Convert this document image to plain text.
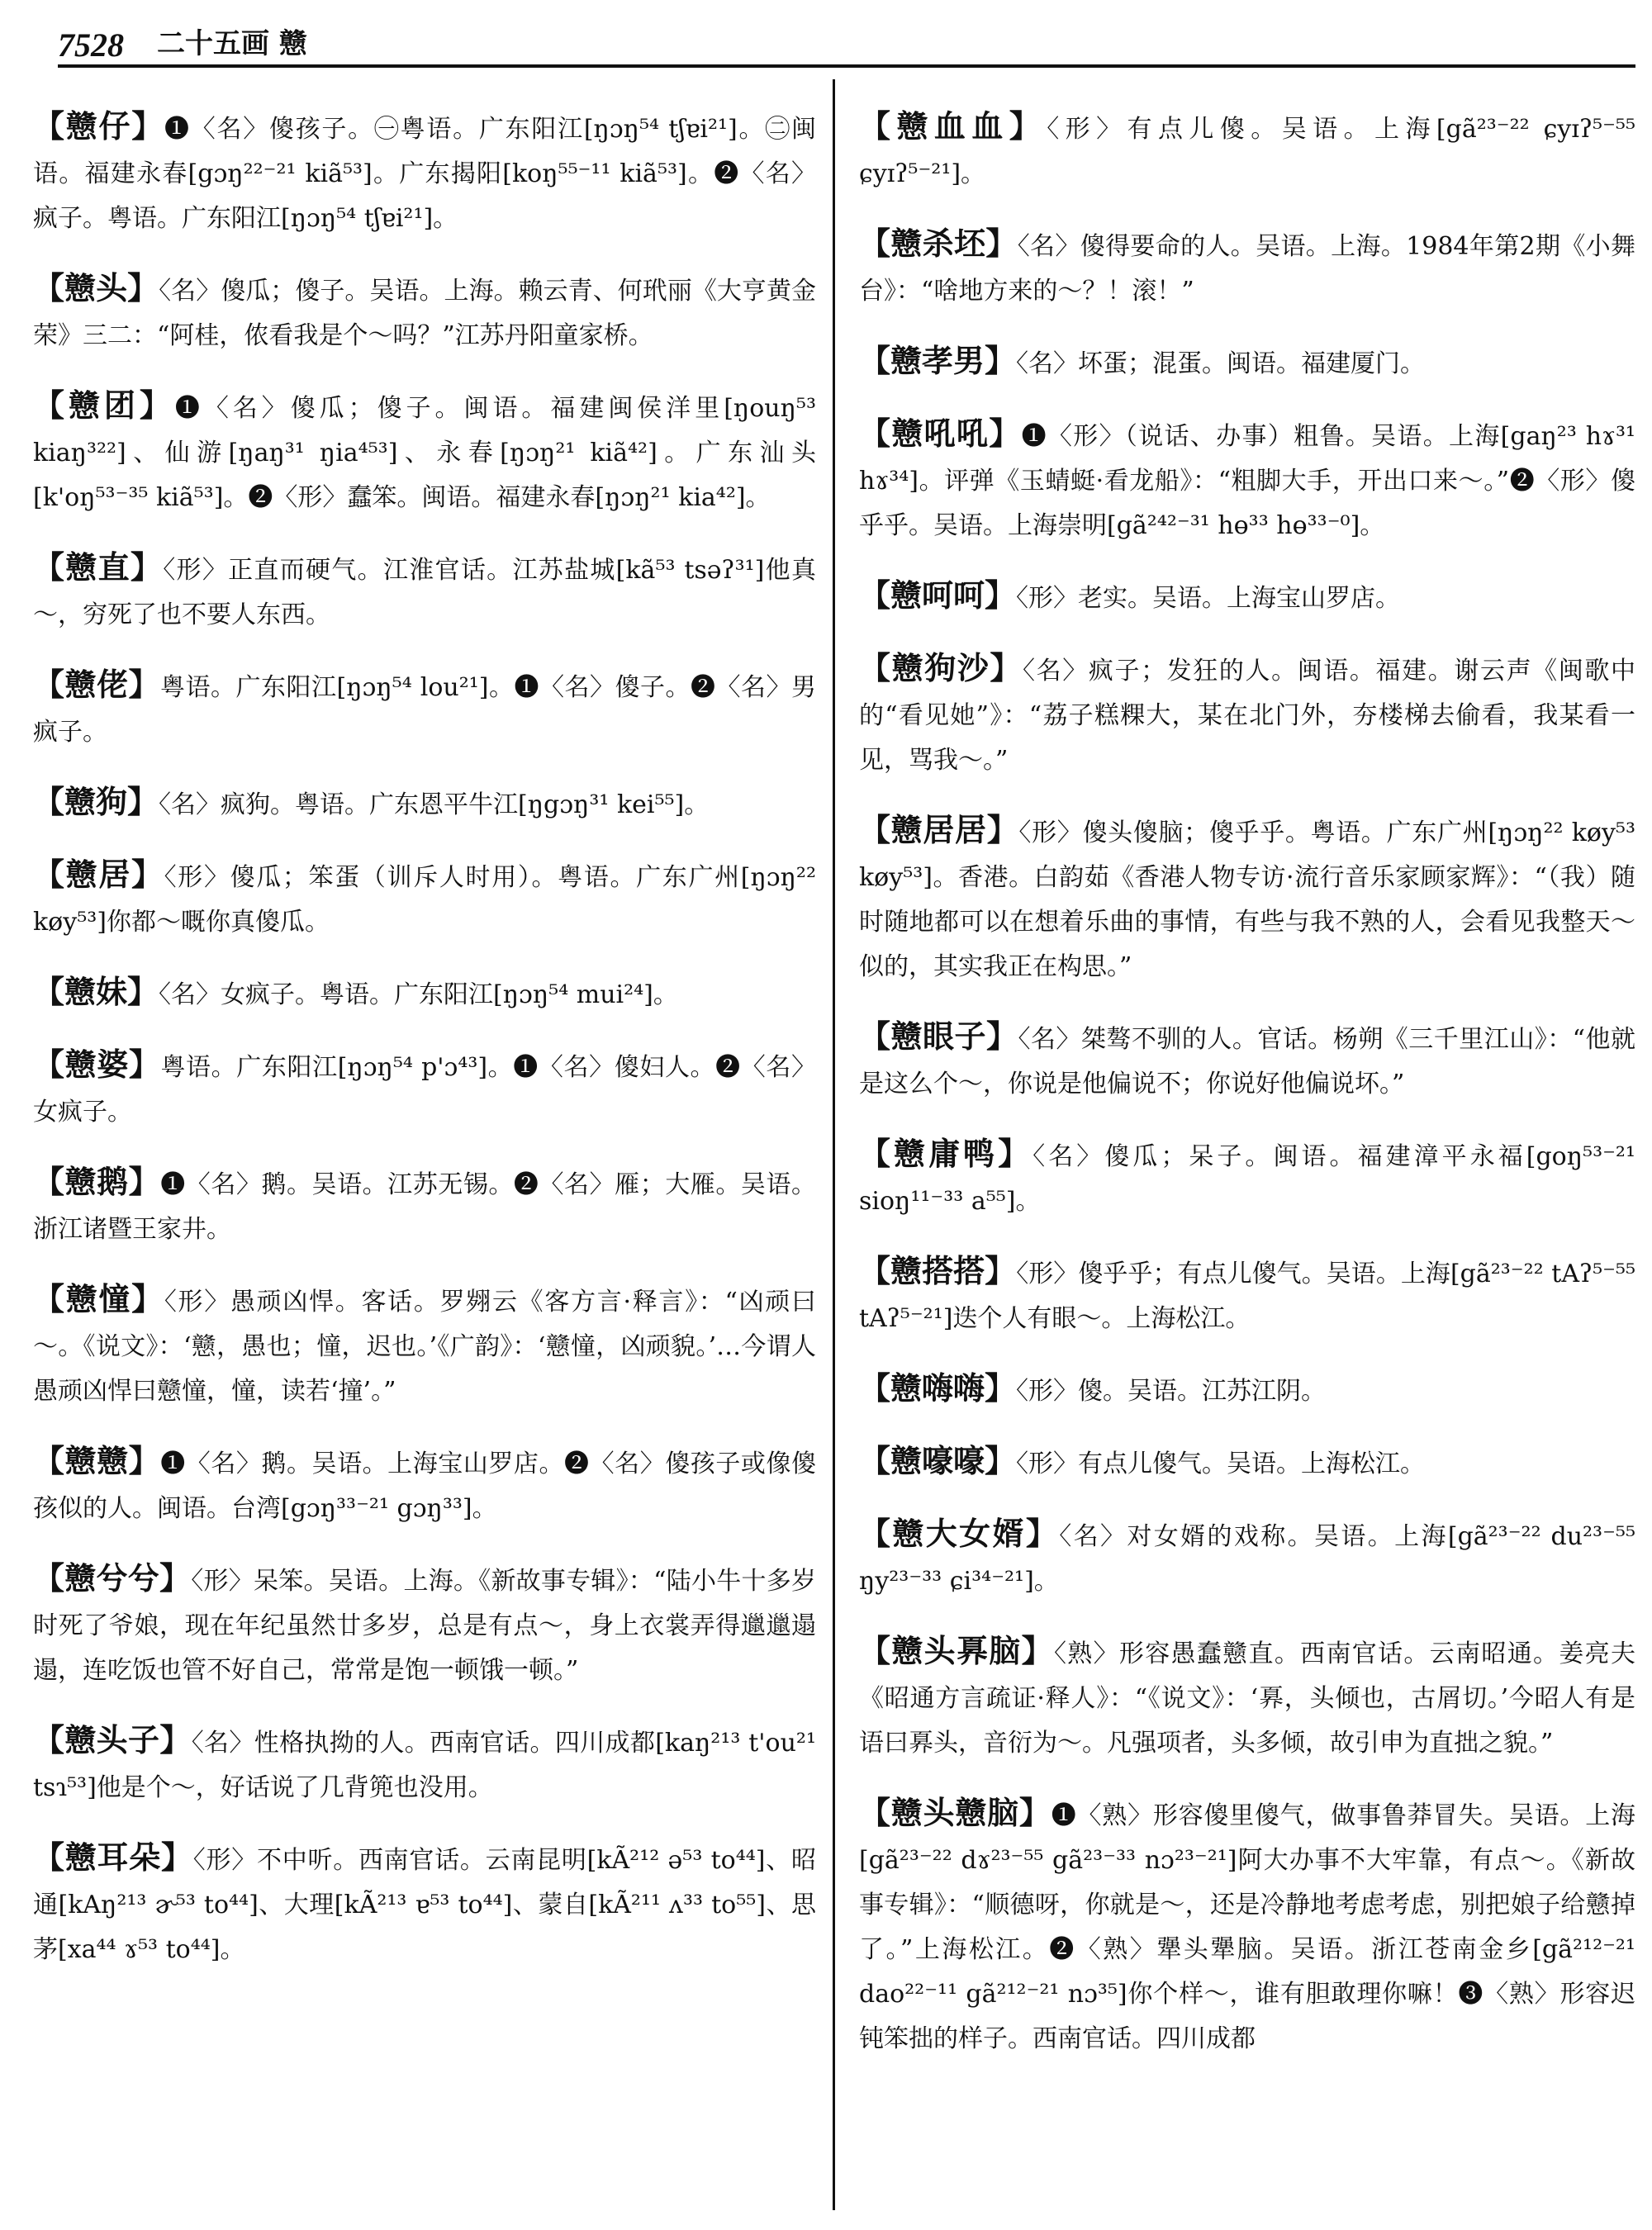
7528 二十五画 戆

【戆仔】❶〈名〉傻孩子。㊀粤语。广东阳江[ŋɔŋ⁵⁴ tʃɐi²¹]。㊁闽语。福建永春[gɔŋ²²⁻²¹ kiã⁵³]。广东揭阳[koŋ⁵⁵⁻¹¹ kiã⁵³]。❷〈名〉疯子。粤语。广东阳江[ŋɔŋ⁵⁴ tʃɐi²¹]。

【戆头】〈名〉傻瓜；傻子。吴语。上海。赖云青、何玳丽《大亨黄金荣》三二：“阿桂，侬看我是个～吗？”江苏丹阳童家桥。

【戆团】❶〈名〉傻瓜；傻子。闽语。福建闽侯洋里[ŋouŋ⁵³ kiaŋ³²²]、仙游[ŋaŋ³¹ ŋia⁴⁵³]、永春[ŋɔŋ²¹ kiã⁴²]。广东汕头[k'oŋ⁵³⁻³⁵ kiã⁵³]。❷〈形〉蠢笨。闽语。福建永春[ŋɔŋ²¹ kia⁴²]。

【戆直】〈形〉正直而硬气。江淮官话。江苏盐城[kã⁵³ tsəʔ³¹]他真～，穷死了也不要人东西。

【戆佬】粤语。广东阳江[ŋɔŋ⁵⁴ lou²¹]。❶〈名〉傻子。❷〈名〉男疯子。

【戆狗】〈名〉疯狗。粤语。广东恩平牛江[ŋgɔŋ³¹ kei⁵⁵]。

【戆居】〈形〉傻瓜；笨蛋（训斥人时用）。粤语。广东广州[ŋɔŋ²² køy⁵³]你都～嘅你真傻瓜。

【戆妹】〈名〉女疯子。粤语。广东阳江[ŋɔŋ⁵⁴ mui²⁴]。

【戆婆】粤语。广东阳江[ŋɔŋ⁵⁴ p'ɔ⁴³]。❶〈名〉傻妇人。❷〈名〉女疯子。

【戆鹅】❶〈名〉鹅。吴语。江苏无锡。❷〈名〉雁；大雁。吴语。浙江诸暨王家井。

【戆憧】〈形〉愚顽凶悍。客话。罗翙云《客方言·释言》：“凶顽曰～。《说文》：‘戆，愚也；憧，迟也。’《广韵》：‘戆憧，凶顽貌。’…今谓人愚顽凶悍曰戆憧，憧，读若‘撞’。”

【戆戆】❶〈名〉鹅。吴语。上海宝山罗店。❷〈名〉傻孩子或像傻孩似的人。闽语。台湾[gɔŋ³³⁻²¹ gɔŋ³³]。

【戆兮兮】〈形〉呆笨。吴语。上海。《新故事专辑》：“陆小牛十多岁时死了爷娘，现在年纪虽然廿多岁，总是有点～，身上衣裳弄得邋邋遢遢，连吃饭也管不好自己，常常是饱一顿饿一顿。”

【戆头子】〈名〉性格执拗的人。西南官话。四川成都[kaŋ²¹³ t'ou²¹ tsɿ⁵³]他是个～，好话说了几背篼也没用。

【戆耳朵】〈形〉不中听。西南官话。云南昆明[kÃ²¹² ə⁵³ to⁴⁴]、昭通[kAŋ²¹³ ɚ⁵³ to⁴⁴]、大理[kÃ²¹³ ɐ⁵³ to⁴⁴]、蒙自[kÃ²¹¹ ʌ³³ to⁵⁵]、思茅[xa⁴⁴ ɤ⁵³ to⁴⁴]。

【戆血血】〈形〉有点儿傻。吴语。上海[gã²³⁻²² ɕyɪʔ⁵⁻⁵⁵ ɕyɪʔ⁵⁻²¹]。

【戆杀坯】〈名〉傻得要命的人。吴语。上海。1984年第2期《小舞台》：“啥地方来的～？！滚！”

【戆孝男】〈名〉坏蛋；混蛋。闽语。福建厦门。

【戆吼吼】❶〈形〉（说话、办事）粗鲁。吴语。上海[gaŋ²³ hɤ³¹ hɤ³⁴]。评弹《玉蜻蜓·看龙船》：“粗脚大手，开出口来～。”❷〈形〉傻乎乎。吴语。上海崇明[gã²⁴²⁻³¹ hɵ³³ hɵ³³⁻⁰]。

【戆呵呵】〈形〉老实。吴语。上海宝山罗店。

【戆狗沙】〈名〉疯子；发狂的人。闽语。福建。谢云声《闽歌中的“看见她”》：“荔子糕粿大，某在北门外，夯楼梯去偷看，我某看一见，骂我～。”

【戆居居】〈形〉傻头傻脑；傻乎乎。粤语。广东广州[ŋɔŋ²² køy⁵³ køy⁵³]。香港。白韵茹《香港人物专访·流行音乐家顾家辉》：“（我）随时随地都可以在想着乐曲的事情，有些与我不熟的人，会看见我整天～似的，其实我正在构思。”

【戆眼子】〈名〉桀骜不驯的人。官话。杨朔《三千里江山》：“他就是这么个～，你说是他偏说不；你说好他偏说坏。”

【戆庸鸭】〈名〉傻瓜；呆子。闽语。福建漳平永福[goŋ⁵³⁻²¹ sioŋ¹¹⁻³³ a⁵⁵]。

【戆搭搭】〈形〉傻乎乎；有点儿傻气。吴语。上海[gã²³⁻²² tAʔ⁵⁻⁵⁵ tAʔ⁵⁻²¹]迭个人有眼～。上海松江。

【戆嗨嗨】〈形〉傻。吴语。江苏江阴。

【戆嚎嚎】〈形〉有点儿傻气。吴语。上海松江。

【戆大女婿】〈名〉对女婿的戏称。吴语。上海[gã²³⁻²² du²³⁻⁵⁵ ŋy²³⁻³³ ɕi³⁴⁻²¹]。

【戆头奡脑】〈熟〉形容愚蠢戆直。西南官话。云南昭通。姜亮夫《昭通方言疏证·释人》：“《说文》：‘奡，头倾也，古屑切。’今昭人有是语曰奡头，音衍为～。凡强项者，头多倾，故引申为直拙之貌。”

【戆头戆脑】❶〈熟〉形容傻里傻气，做事鲁莽冒失。吴语。上海[gã²³⁻²² dɤ²³⁻⁵⁵ gã²³⁻³³ nɔ²³⁻²¹]阿大办事不大牢靠，有点～。《新故事专辑》：“顺德呀，你就是～，还是冷静地考虑考虑，别把娘子给戆掉了。”上海松江。❷〈熟〉犟头犟脑。吴语。浙江苍南金乡[gã²¹²⁻²¹ dao²²⁻¹¹ gã²¹²⁻²¹ nɔ³⁵]你个样～，谁有胆敢理你嘛！❸〈熟〉形容迟钝笨拙的样子。西南官话。四川成都
